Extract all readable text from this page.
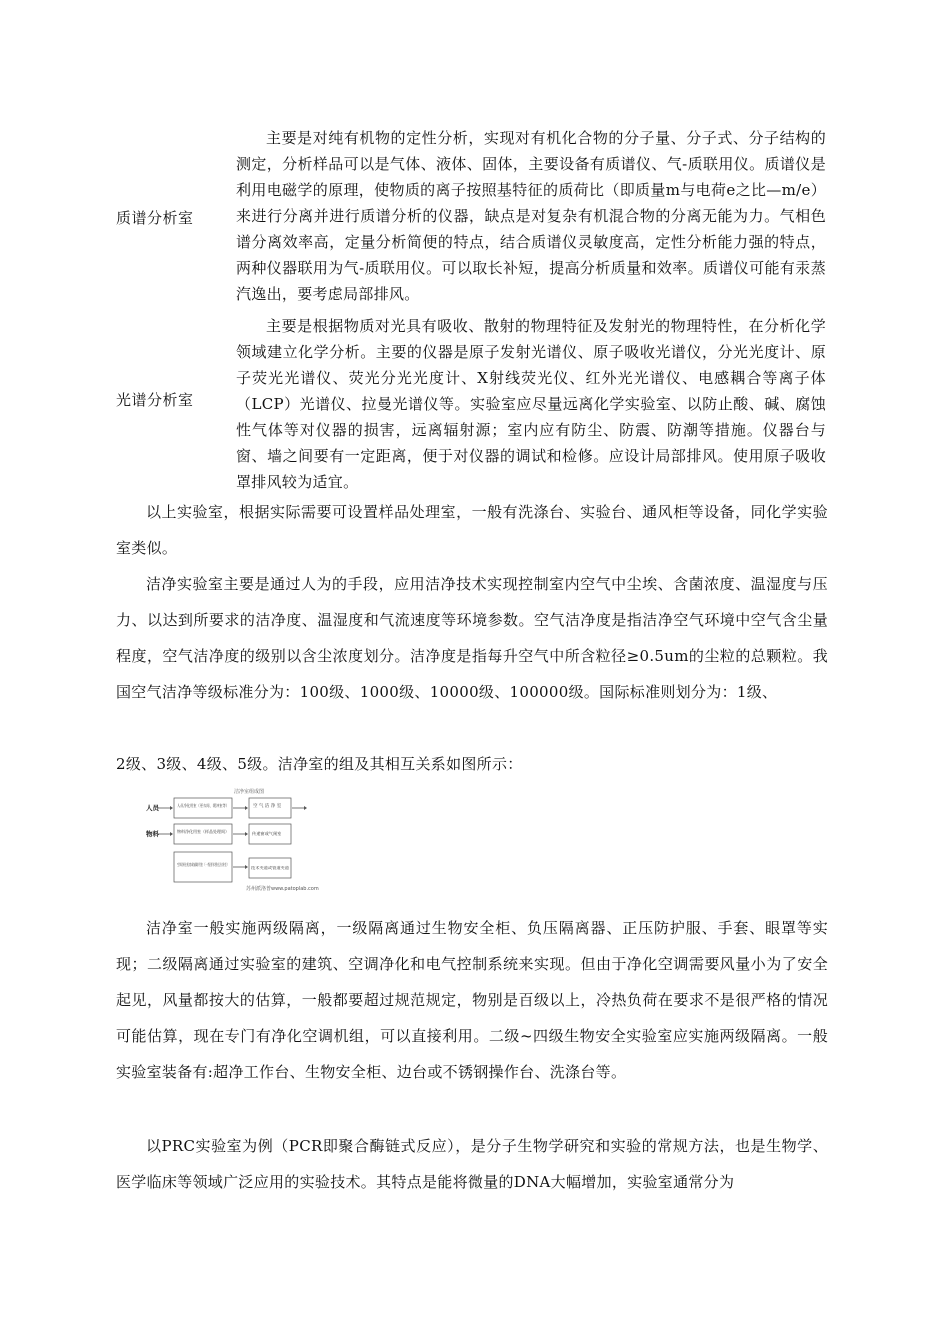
质谱分析室
主要是对纯有机物的定性分析，实现对有机化合物的分子量、分子式、分子结构的测定，分析样品可以是气体、液体、固体，主要设备有质谱仪、气-质联用仪。质谱仪是利用电磁学的原理，使物质的离子按照基特征的质荷比（即质量m与电荷e之比—m/e）来进行分离并进行质谱分析的仪器，缺点是对复杂有机混合物的分离无能为力。气相色谱分离效率高，定量分析简便的特点，结合质谱仪灵敏度高，定性分析能力强的特点，两种仪器联用为气-质联用仪。可以取长补短，提高分析质量和效率。质谱仪可能有汞蒸汽逸出，要考虑局部排风。
光谱分析室
主要是根据物质对光具有吸收、散射的物理特征及发射光的物理特性，在分析化学领域建立化学分析。主要的仪器是原子发射光谱仪、原子吸收光谱仪，分光光度计、原子荧光光谱仪、荧光分光光度计、X射线荧光仪、红外光光谱仪、电感耦合等离子体（LCP）光谱仪、拉曼光谱仪等。实验室应尽量远离化学实验室、以防止酸、碱、腐蚀性气体等对仪器的损害，远离辐射源；室内应有防尘、防震、防潮等措施。仪器台与窗、墙之间要有一定距离，便于对仪器的调试和检修。应设计局部排风。使用原子吸收罩排风较为适宜。
以上实验室，根据实际需要可设置样品处理室，一般有洗涤台、实验台、通风柜等设备，同化学实验室类似。
洁净实验室主要是通过人为的手段，应用洁净技术实现控制室内空气中尘埃、含菌浓度、温湿度与压力、以达到所要求的洁净度、温湿度和气流速度等环境参数。空气洁净度是指洁净空气环境中空气含尘量程度，空气洁净度的级别以含尘浓度划分。洁净度是指每升空气中所含粒径≥0.5um的尘粒的总颗粒。我国空气洁净等级标准分为：100级、1000级、10000级、100000级。国际标准则划分为：1级、
2级、3级、4级、5级。洁净室的组及其相互关系如图所示：
洁净室组成图
人员	人员净化用室（更衣间、缓冲室等） 空 气 洁 净 室
物料	物料净化用室（样品处理间）	传递窗或气闸室
空调净化机房或辅助用室（一级要求要在洁净室）
技术夹道或管道夹道
苏州派洛普www.patoplab.com
洁净室一般实施两级隔离，一级隔离通过生物安全柜、负压隔离器、正压防护服、手套、眼罩等实现；二级隔离通过实验室的建筑、空调净化和电气控制系统来实现。但由于净化空调需要风量小为了安全起见，风量都按大的估算，一般都要超过规范规定，物别是百级以上，冷热负荷在要求不是很严格的情况可能估算，现在专门有净化空调机组，可以直接利用。二级~四级生物安全实验室应实施两级隔离。一般实验室装备有:超净工作台、生物安全柜、边台或不锈钢操作台、洗涤台等。
以PRC实验室为例（PCR即聚合酶链式反应），是分子生物学研究和实验的常规方法，也是生物学、医学临床等领域广泛应用的实验技术。其特点是能将微量的DNA大幅增加，实验室通常分为
